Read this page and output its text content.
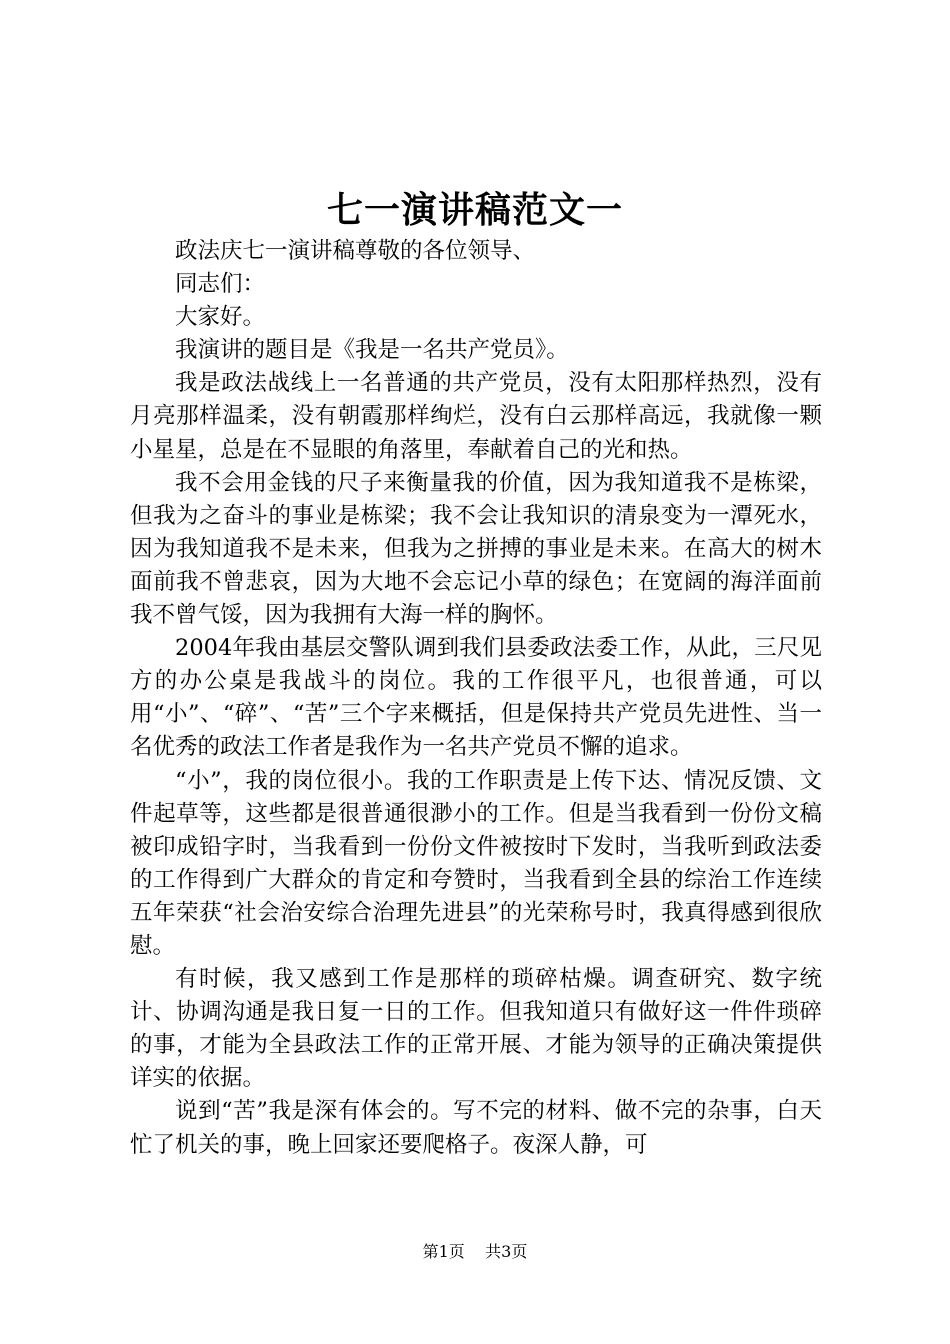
七一演讲稿范文一

政法庆七一演讲稿尊敬的各位领导、

同志们：

大家好。

我演讲的题目是《我是一名共产党员》。

我是政法战线上一名普通的共产党员，没有太阳那样热烈，没有月亮那样温柔，没有朝霞那样绚烂，没有白云那样高远，我就像一颗小星星，总是在不显眼的角落里，奉献着自己的光和热。

我不会用金钱的尺子来衡量我的价值，因为我知道我不是栋梁，但我为之奋斗的事业是栋梁；我不会让我知识的清泉变为一潭死水，因为我知道我不是未来，但我为之拼搏的事业是未来。在高大的树木面前我不曾悲哀，因为大地不会忘记小草的绿色；在宽阔的海洋面前我不曾气馁，因为我拥有大海一样的胸怀。

2004年我由基层交警队调到我们县委政法委工作，从此，三尺见方的办公桌是我战斗的岗位。我的工作很平凡，也很普通，可以用“小”、“碎”、“苦”三个字来概括，但是保持共产党员先进性、当一名优秀的政法工作者是我作为一名共产党员不懈的追求。

“小”，我的岗位很小。我的工作职责是上传下达、情况反馈、文件起草等，这些都是很普通很渺小的工作。但是当我看到一份份文稿被印成铅字时，当我看到一份份文件被按时下发时，当我听到政法委的工作得到广大群众的肯定和夸赞时，当我看到全县的综治工作连续五年荣获“社会治安综合治理先进县”的光荣称号时，我真得感到很欣慰。

有时候，我又感到工作是那样的琐碎枯燥。调查研究、数字统计、协调沟通是我日复一日的工作。但我知道只有做好这一件件琐碎的事，才能为全县政法工作的正常开展、才能为领导的正确决策提供详实的依据。

说到“苦”我是深有体会的。写不完的材料、做不完的杂事，白天忙了机关的事，晚上回家还要爬格子。夜深人静，可

第1页 共3页
